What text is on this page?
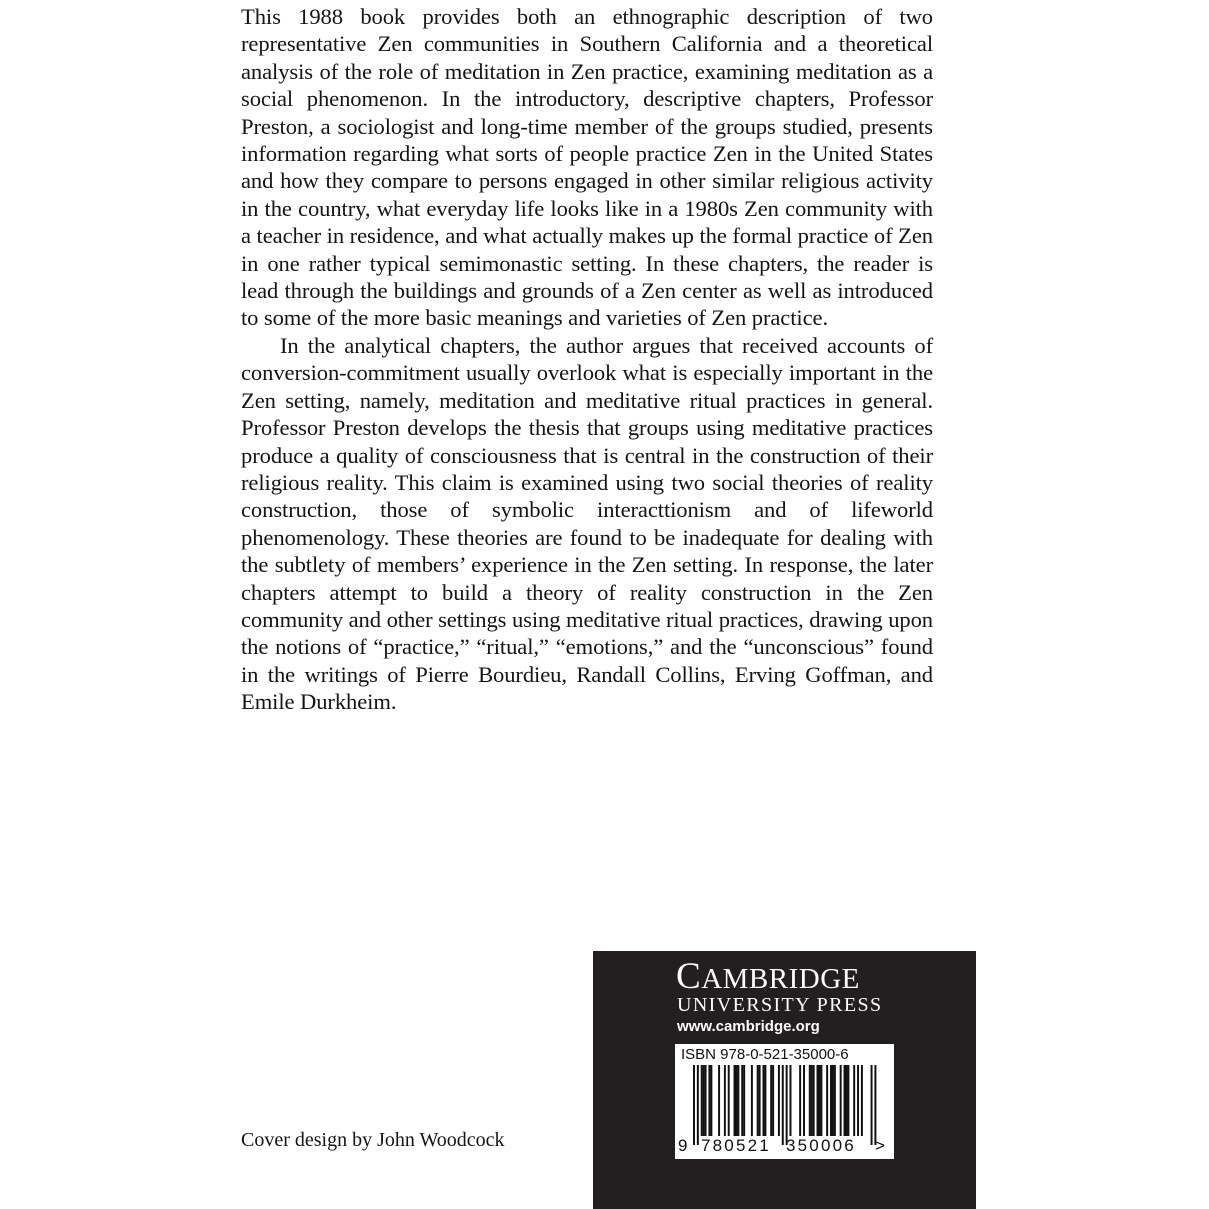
This 1988 book provides both an ethnographic description of two representative Zen communities in Southern California and a theoretical analysis of the role of meditation in Zen practice, examining meditation as a social phenomenon. In the introductory, descriptive chapters, Professor Preston, a sociologist and long-time member of the groups studied, presents information regarding what sorts of people practice Zen in the United States and how they compare to persons engaged in other similar religious activity in the country, what everyday life looks like in a 1980s Zen community with a teacher in residence, and what actually makes up the formal practice of Zen in one rather typical semimonastic setting. In these chapters, the reader is lead through the buildings and grounds of a Zen center as well as introduced to some of the more basic meanings and varieties of Zen practice.

In the analytical chapters, the author argues that received accounts of conversion-commitment usually overlook what is especially important in the Zen setting, namely, meditation and meditative ritual practices in general. Professor Preston develops the thesis that groups using meditative practices produce a quality of consciousness that is central in the construction of their religious reality. This claim is examined using two social theories of reality construction, those of symbolic interacttionism and of lifeworld phenomenology. These theories are found to be inadequate for dealing with the subtlety of members’ experience in the Zen setting. In response, the later chapters attempt to build a theory of reality construction in the Zen community and other settings using meditative ritual practices, drawing upon the notions of “practice,” “ritual,” “emotions,” and the “unconscious” found in the writings of Pierre Bourdieu, Randall Collins, Erving Goffman, and Emile Durkheim.

Cover design by John Woodcock
CAMBRIDGE
UNIVERSITY PRESS
www.cambridge.org
ISBN 978-0-521-35000-6
9 780521 350006 >
